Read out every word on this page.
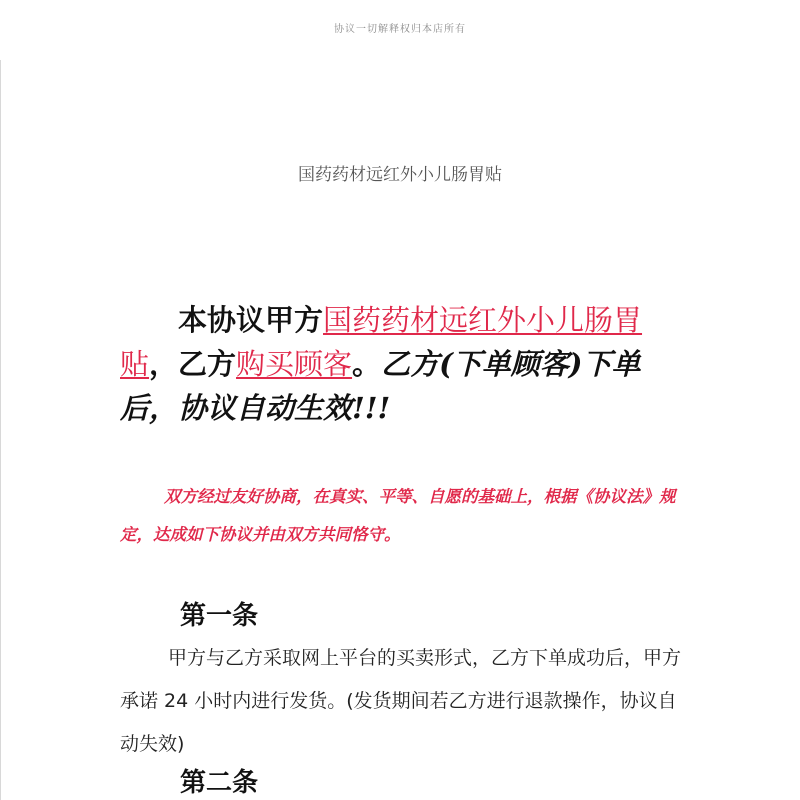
协议一切解释权归本店所有
国药药材远红外小儿肠胃贴
本协议甲方国药药材远红外小儿肠胃贴，乙方购买顾客。乙方(下单顾客)下单后，协议自动生效!!!
双方经过友好协商，在真实、平等、自愿的基础上，根据《协议法》规定，达成如下协议并由双方共同恪守。
第一条
甲方与乙方采取网上平台的买卖形式，乙方下单成功后，甲方承诺 24 小时内进行发货。(发货期间若乙方进行退款操作，协议自动失效)
第二条
